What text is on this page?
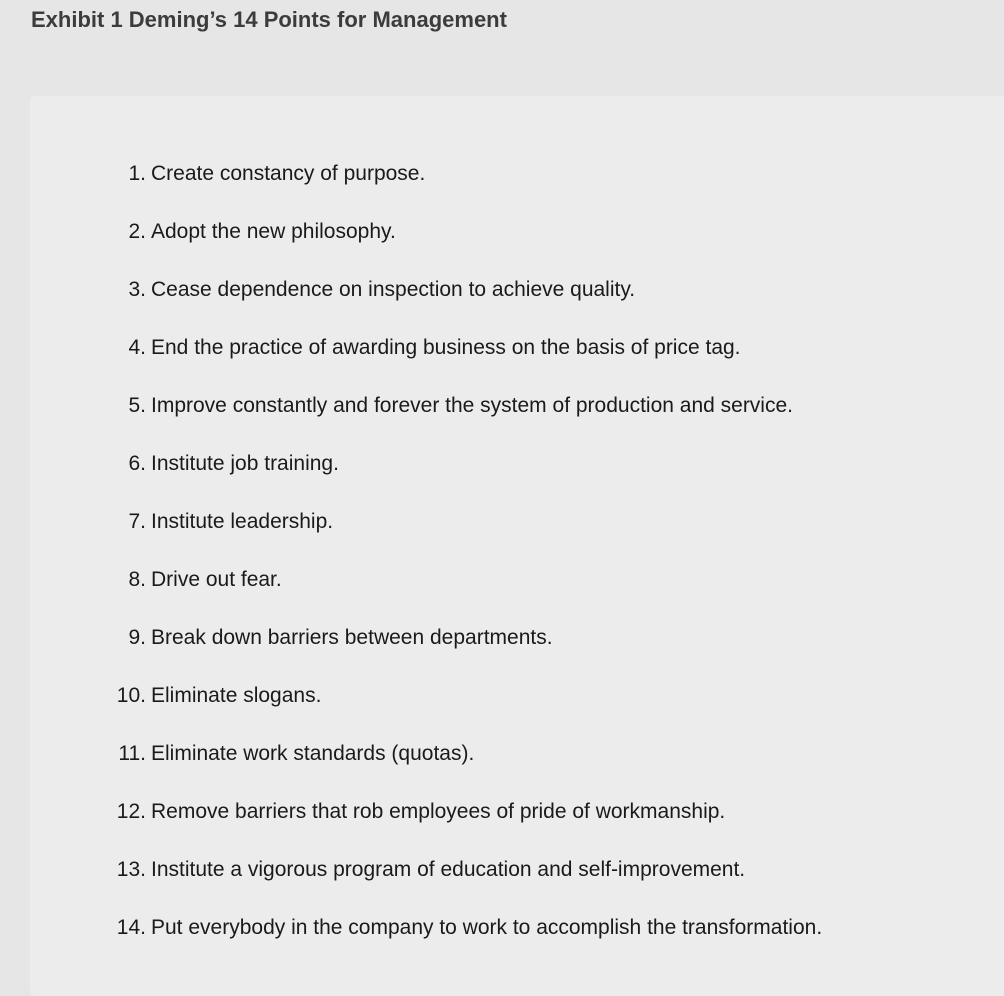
Exhibit 1 Deming’s 14 Points for Management
1. Create constancy of purpose.
2. Adopt the new philosophy.
3. Cease dependence on inspection to achieve quality.
4. End the practice of awarding business on the basis of price tag.
5. Improve constantly and forever the system of production and service.
6. Institute job training.
7. Institute leadership.
8. Drive out fear.
9. Break down barriers between departments.
10. Eliminate slogans.
11. Eliminate work standards (quotas).
12. Remove barriers that rob employees of pride of workmanship.
13. Institute a vigorous program of education and self-improvement.
14. Put everybody in the company to work to accomplish the transformation.
